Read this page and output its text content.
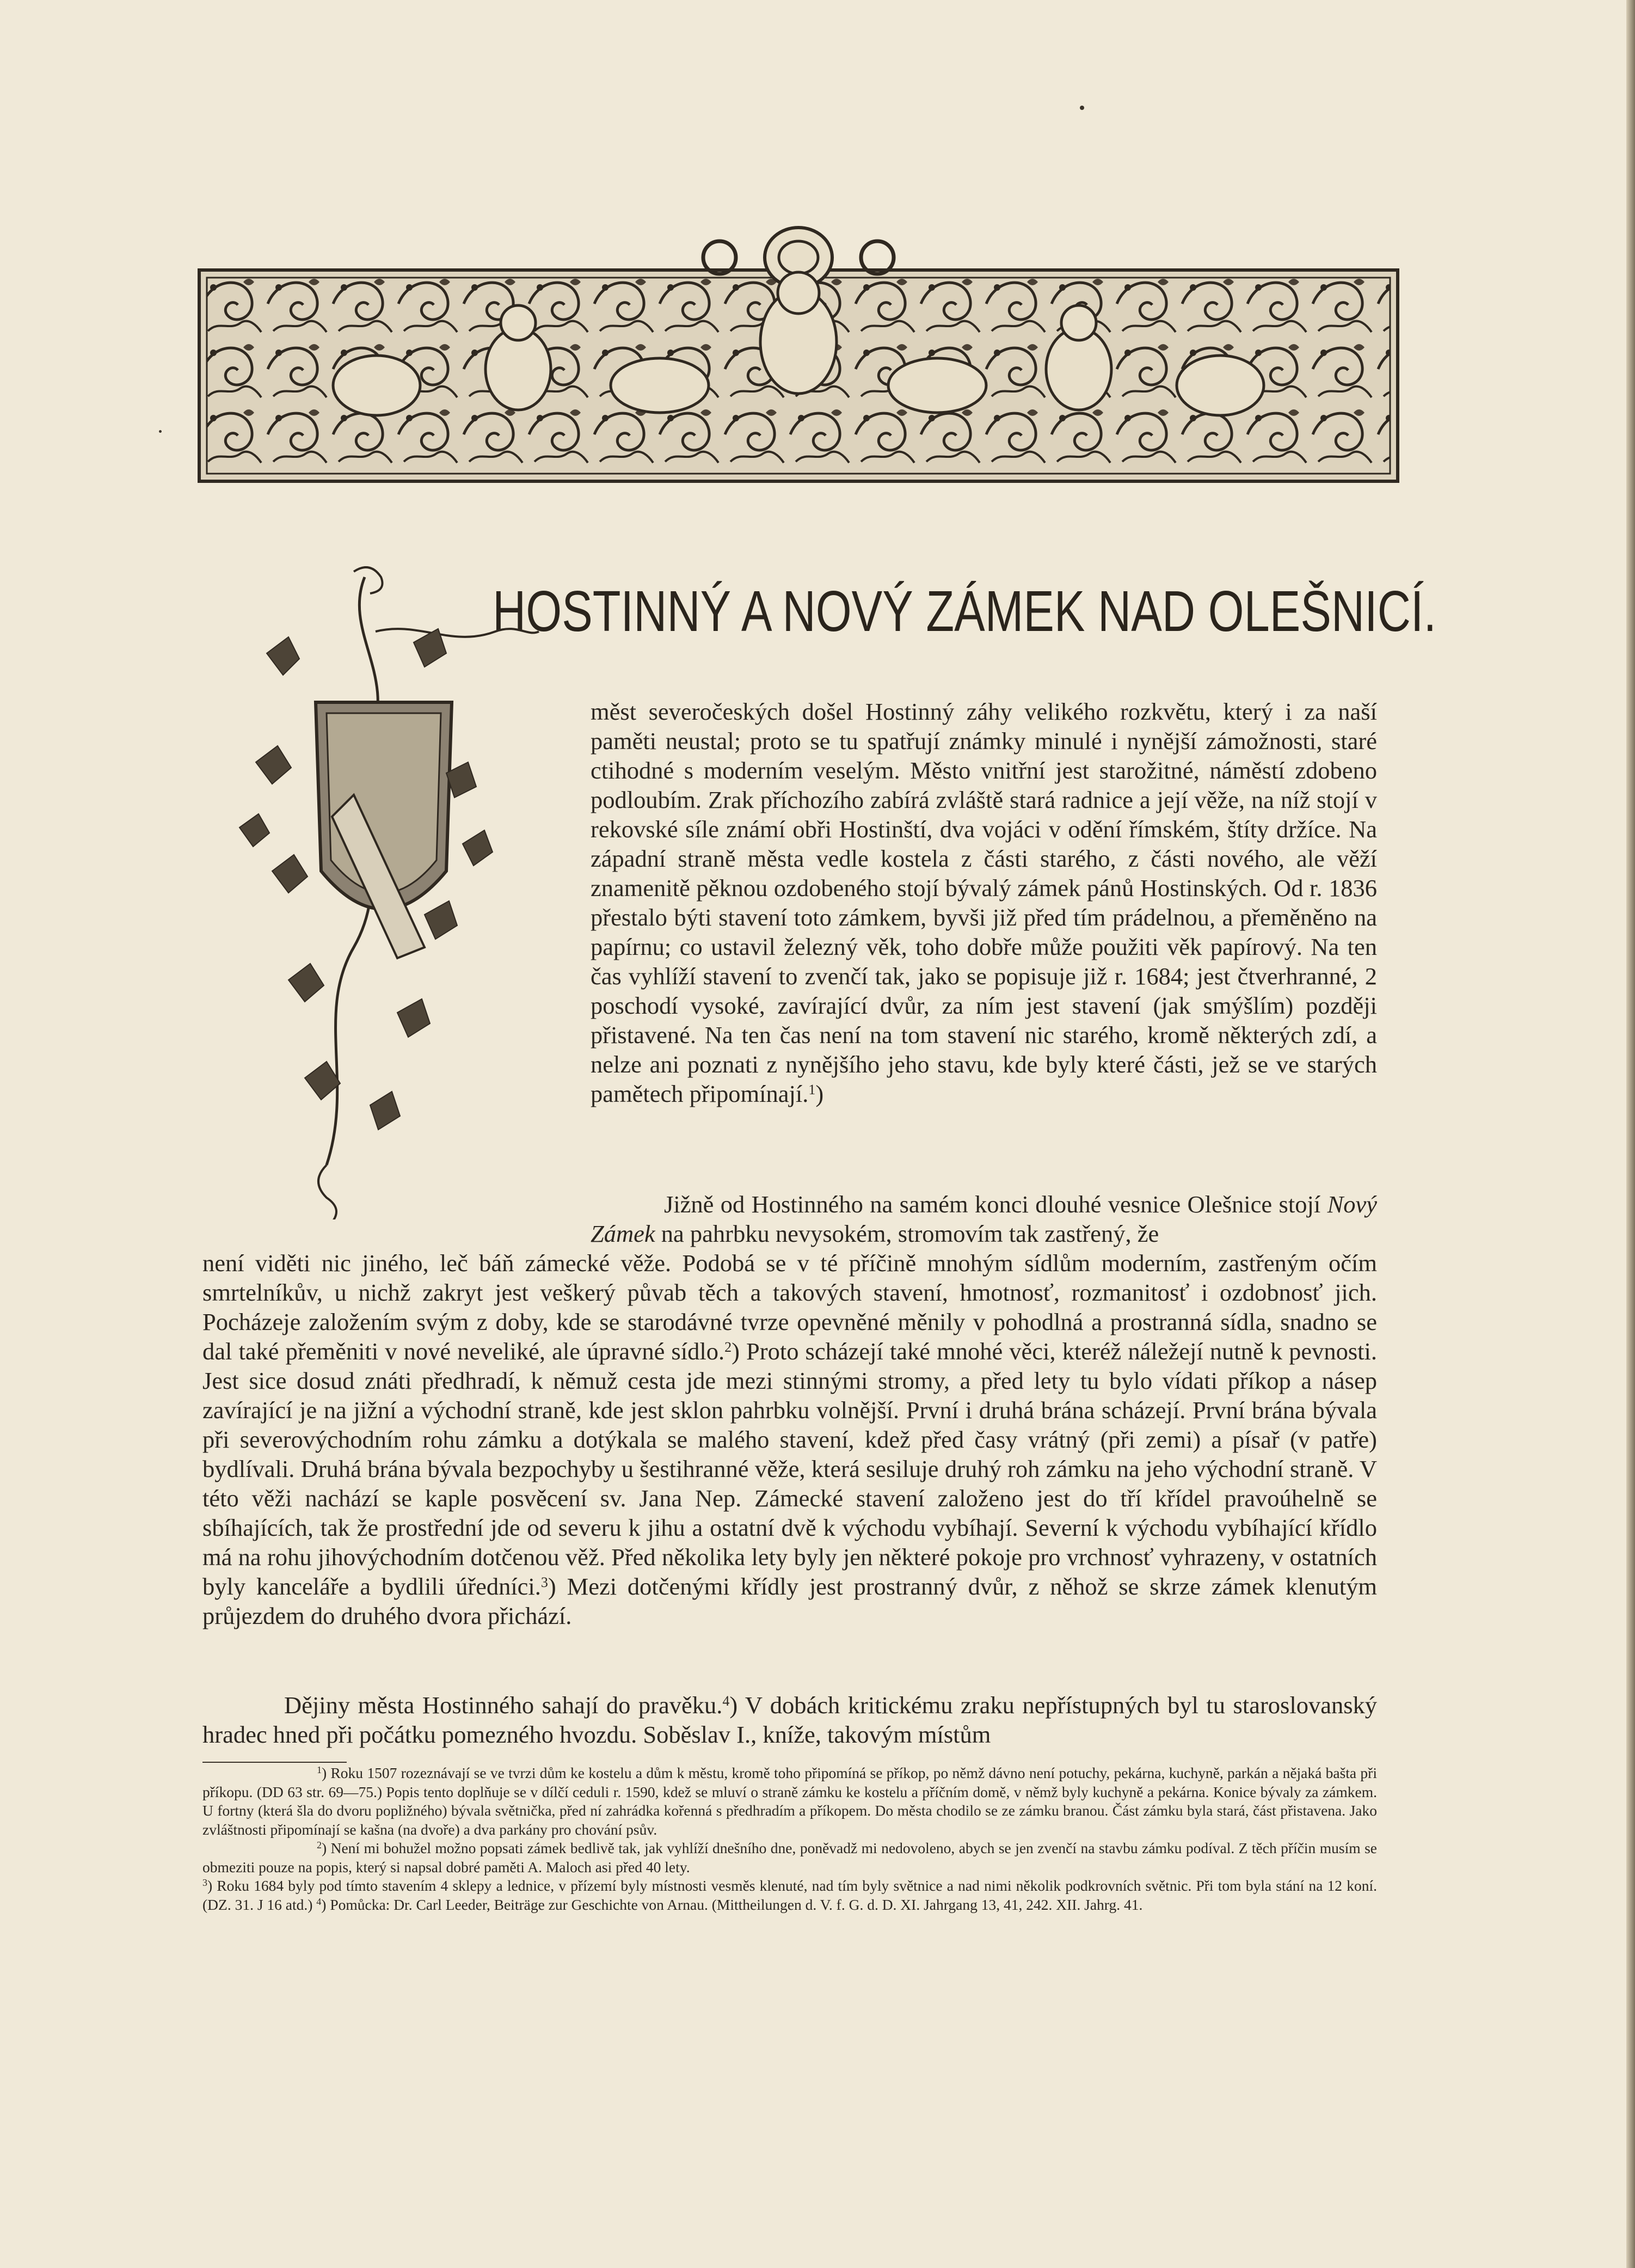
HOSTINNÝ A NOVÝ ZÁMEK NAD OLEŠNICÍ.

měst severočeských došel Hostinný záhy velikého rozkvětu, který i za naší paměti neustal; proto se tu spatřují známky minulé i nynější zámožnosti, staré ctihodné s moderním veselým. Město vnitřní jest starožitné, náměstí zdobeno podloubím. Zrak příchozího zabírá zvláště stará radnice a její věže, na níž stojí v rekovské síle známí obři Hostinští, dva vojáci v odění římském, štíty držíce. Na západní straně města vedle kostela z části starého, z části nového, ale věží znamenitě pěknou ozdobeného stojí bývalý zámek pánů Hostinských. Od r. 1836 přestalo býti stavení toto zámkem, byvši již před tím prádelnou, a přeměněno na papírnu; co ustavil železný věk, toho dobře může použiti věk papírový. Na ten čas vyhlíží stavení to zvenčí tak, jako se popisuje již r. 1684; jest čtverhranné, 2 poschodí vysoké, zavírající dvůr, za ním jest stavení (jak smýšlím) později přistavené. Na ten čas není na tom stavení nic starého, kromě některých zdí, a nelze ani poznati z nynějšího jeho stavu, kde byly které části, jež se ve starých pamětech připomínají.$^1$)

Jižně od Hostinného na samém konci dlouhé vesnice Olešnice stojí Nový Zámek na pahrbku nevysokém, stromovím tak zastřený, že

není viděti nic jiného, leč báň zámecké věže. Podobá se v té příčině mnohým sídlům moderním, zastřeným očím smrtelníkův, u nichž zakryt jest veškerý půvab těch a takových stavení, hmotnosť, rozmanitosť i ozdobnosť jich. Pocházeje založením svým z doby, kde se starodávné tvrze opevněné měnily v pohodlná a prostranná sídla, snadno se dal také přeměniti v nové neveliké, ale úpravné sídlo.$^2$) Proto scházejí také mnohé věci, kteréž náležejí nutně k pevnosti. Jest sice dosud znáti předhradí, k němuž cesta jde mezi stinnými stromy, a před lety tu bylo vídati příkop a násep zavírající je na jižní a východní straně, kde jest sklon pahrbku volnější. První i druhá brána scházejí. První brána bývala při severovýchodním rohu zámku a dotýkala se malého stavení, kdež před časy vrátný (při zemi) a písař (v patře) bydlívali. Druhá brána bývala bezpochyby u šestihranné věže, která sesiluje druhý roh zámku na jeho východní straně. V této věži nachází se kaple posvěcení sv. Jana Nep. Zámecké stavení založeno jest do tří křídel pravoúhelně se sbíhajících, tak že prostřední jde od severu k jihu a ostatní dvě k východu vybíhají. Severní k východu vybíhající křídlo má na rohu jihovýchodním dotčenou věž. Před několika lety byly jen některé pokoje pro vrchnosť vyhrazeny, v ostatních byly kanceláře a bydlili úředníci.$^3$) Mezi dotčenými křídly jest prostranný dvůr, z něhož se skrze zámek klenutým průjezdem do druhého dvora přichází.

Dějiny města Hostinného sahají do pravěku.$^4$) V dobách kritickému zraku nepřístupných byl tu staroslovanský hradec hned při počátku pomezného hvozdu. Soběslav I., kníže, takovým místům

$^1$) Roku 1507 rozeznávají se ve tvrzi dům ke kostelu a dům k městu, kromě toho připomíná se příkop, po němž dávno není potuchy, pekárna, kuchyně, parkán a nějaká bašta při příkopu. (DD 63 str. 69—75.) Popis tento doplňuje se v dílčí ceduli r. 1590, kdež se mluví o straně zámku ke kostelu a příčním domě, v němž byly kuchyně a pekárna. Konice bývaly za zámkem. U fortny (která šla do dvoru popližného) bývala světnička, před ní zahrádka kořenná s předhradím a příkopem. Do města chodilo se ze zámku branou. Část zámku byla stará, část přistavena. Jako zvláštnosti připomínají se kašna (na dvoře) a dva parkány pro chování psův.

$^2$) Není mi bohužel možno popsati zámek bedlivě tak, jak vyhlíží dnešního dne, poněvadž mi nedovoleno, abych se jen zvenčí na stavbu zámku podíval. Z těch příčin musím se obmeziti pouze na popis, který si napsal dobré paměti A. Maloch asi před 40 lety.

$^3$) Roku 1684 byly pod tímto stavením 4 sklepy a lednice, v přízemí byly místnosti vesměs klenuté, nad tím byly světnice a nad nimi několik podkrovních světnic. Při tom byla stání na 12 koní. (DZ. 31. J 16 atd.) $^4$) Pomůcka: Dr. Carl Leeder, Beiträge zur Geschichte von Arnau. (Mittheilungen d. V. f. G. d. D. XI. Jahrgang 13, 41, 242. XII. Jahrg. 41.
